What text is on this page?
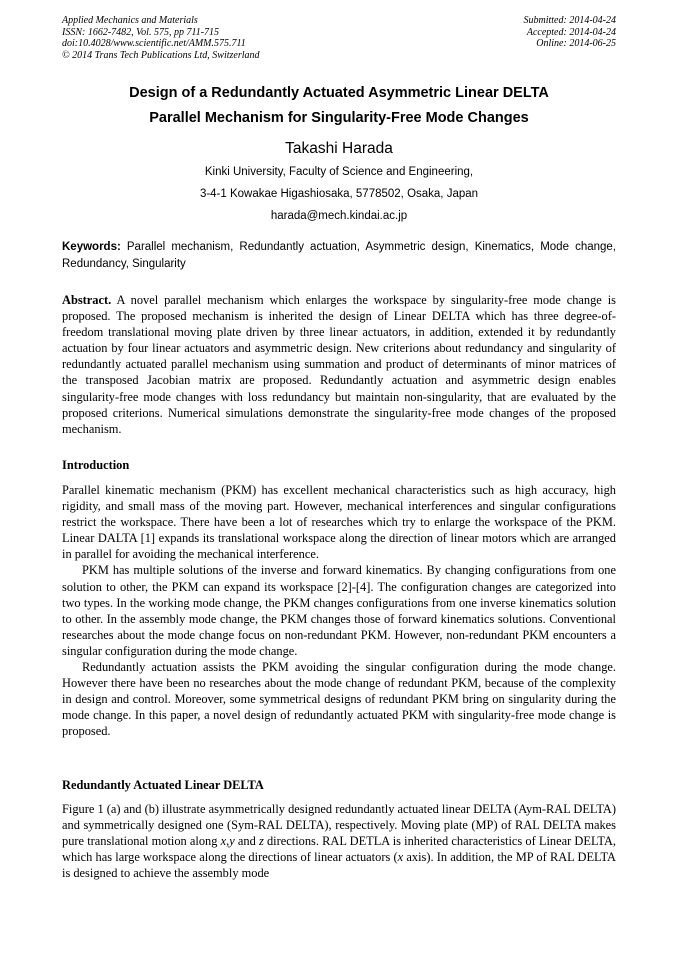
Applied Mechanics and Materials
ISSN: 1662-7482, Vol. 575, pp 711-715
doi:10.4028/www.scientific.net/AMM.575.711
© 2014 Trans Tech Publications Ltd, Switzerland
Submitted: 2014-04-24
Accepted: 2014-04-24
Online: 2014-06-25
Design of a Redundantly Actuated Asymmetric Linear DELTA
Parallel Mechanism for Singularity-Free Mode Changes
Takashi Harada
Kinki University, Faculty of Science and Engineering,
3-4-1 Kowakae Higashiosaka, 5778502, Osaka, Japan
harada@mech.kindai.ac.jp
Keywords: Parallel mechanism, Redundantly actuation, Asymmetric design, Kinematics, Mode change, Redundancy, Singularity

Abstract. A novel parallel mechanism which enlarges the workspace by singularity-free mode change is proposed. The proposed mechanism is inherited the design of Linear DELTA which has three degree-of-freedom translational moving plate driven by three linear actuators, in addition, extended it by redundantly actuation by four linear actuators and asymmetric design. New criterions about redundancy and singularity of redundantly actuated parallel mechanism using summation and product of determinants of minor matrices of the transposed Jacobian matrix are proposed. Redundantly actuation and asymmetric design enables singularity-free mode changes with loss redundancy but maintain non-singularity, that are evaluated by the proposed criterions. Numerical simulations demonstrate the singularity-free mode changes of the proposed mechanism.

Introduction

Parallel kinematic mechanism (PKM) has excellent mechanical characteristics such as high accuracy, high rigidity, and small mass of the moving part. However, mechanical interferences and singular configurations restrict the workspace. There have been a lot of researches which try to enlarge the workspace of the PKM. Linear DALTA [1] expands its translational workspace along the direction of linear motors which are arranged in parallel for avoiding the mechanical interference.

PKM has multiple solutions of the inverse and forward kinematics. By changing configurations from one solution to other, the PKM can expand its workspace [2]-[4]. The configuration changes are categorized into two types. In the working mode change, the PKM changes configurations from one inverse kinematics solution to other. In the assembly mode change, the PKM changes those of forward kinematics solutions. Conventional researches about the mode change focus on non-redundant PKM. However, non-redundant PKM encounters a singular configuration during the mode change.

Redundantly actuation assists the PKM avoiding the singular configuration during the mode change. However there have been no researches about the mode change of redundant PKM, because of the complexity in design and control. Moreover, some symmetrical designs of redundant PKM bring on singularity during the mode change. In this paper, a novel design of redundantly actuated PKM with singularity-free mode change is proposed.

Redundantly Actuated Linear DELTA

Figure 1 (a) and (b) illustrate asymmetrically designed redundantly actuated linear DELTA (Aym-RAL DELTA) and symmetrically designed one (Sym-RAL DELTA), respectively. Moving plate (MP) of RAL DELTA makes pure translational motion along x,y and z directions. RAL DETLA is inherited characteristics of Linear DELTA, which has large workspace along the directions of linear actuators (x axis). In addition, the MP of RAL DELTA is designed to achieve the assembly mode
